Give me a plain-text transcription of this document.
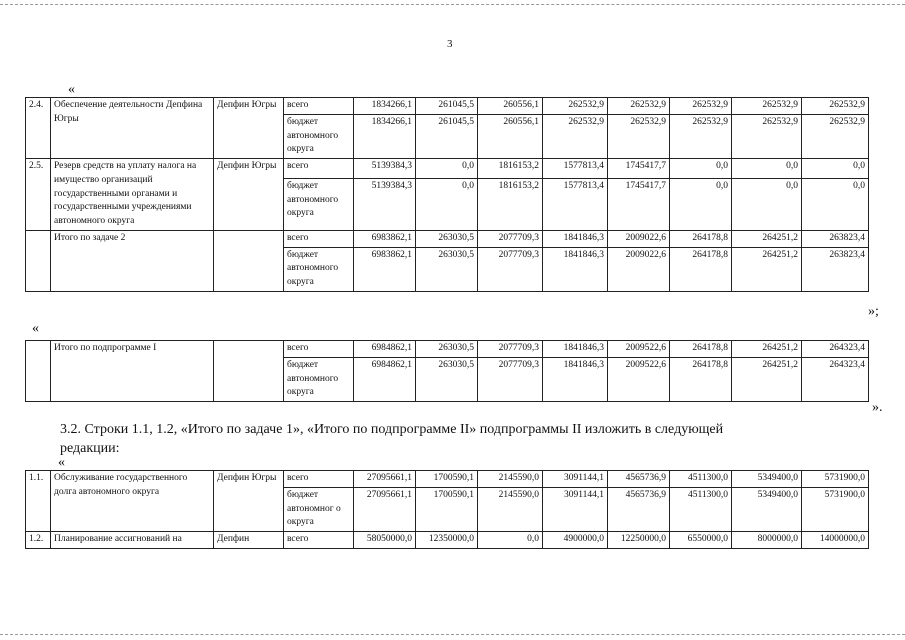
3
«
2.4.	Обеспечение деятельности Депфина Югры	Депфин Югры	всего	1834266,1	261045,5	260556,1	262532,9	262532,9	262532,9	262532,9	262532,9
			бюджет автономного округа	1834266,1	261045,5	260556,1	262532,9	262532,9	262532,9	262532,9	262532,9
2.5.	Резерв средств на уплату налога на имущество организаций государственными органами и государственными учреждениями автономного округа	Депфин Югры	всего	5139384,3	0,0	1816153,2	1577813,4	1745417,7	0,0	0,0	0,0
			бюджет автономного округа	5139384,3	0,0	1816153,2	1577813,4	1745417,7	0,0	0,0	0,0
	Итого по задаче 2		всего	6983862,1	263030,5	2077709,3	1841846,3	2009022,6	264178,8	264251,2	263823,4
			бюджет автономного округа	6983862,1	263030,5	2077709,3	1841846,3	2009022,6	264178,8	264251,2	263823,4
»;
«
	Итого по подпрограмме I		всего	6984862,1	263030,5	2077709,3	1841846,3	2009522,6	264178,8	264251,2	264323,4
			бюджет автономного округа	6984862,1	263030,5	2077709,3	1841846,3	2009522,6	264178,8	264251,2	264323,4
».
3.2. Строки 1.1, 1.2, «Итого по задаче 1», «Итого по подпрограмме II» подпрограммы II изложить в следующей
редакции:
«
1.1.	Обслуживание государственного долга автономного округа	Депфин Югры	всего	27095661,1	1700590,1	2145590,0	3091144,1	4565736,9	4511300,0	5349400,0	5731900,0
			бюджет автономног о округа	27095661,1	1700590,1	2145590,0	3091144,1	4565736,9	4511300,0	5349400,0	5731900,0
1.2.	Планирование ассигнований на	Депфин	всего	58050000,0	12350000,0	0,0	4900000,0	12250000,0	6550000,0	8000000,0	14000000,0
